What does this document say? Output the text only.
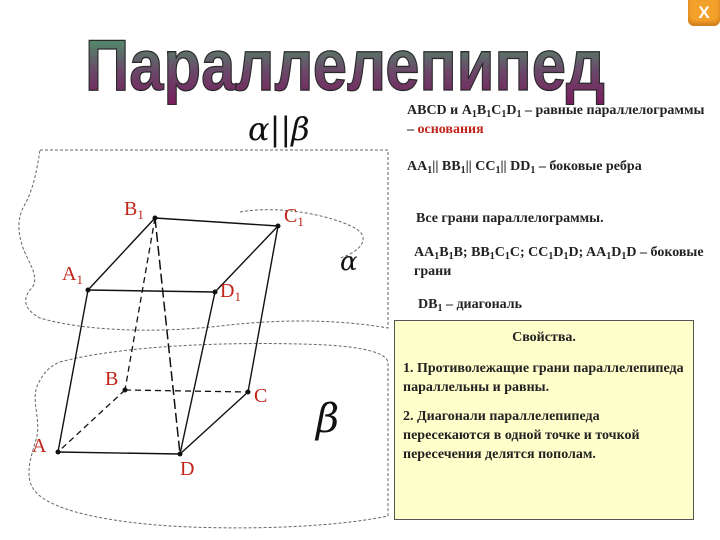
X
Параллелепипед
$B_1$	$C_1$
$A_1$
$D_1$
B
C
A
D
α
β
α||β	ABCD и $A_1B_1C_1D_1$ – равные параллелограммы – основания
$AA_1||$ $BB_1||$ $CC_1||$ $DD_1$ – боковые ребра
Все грани параллелограммы.
$AA_1B_1B$; $BB_1C_1C$; $CC_1D_1D$; $AA_1D_1D$ – боковые грани
$DB_1$ – диагональ
Свойства.

1. Противолежащие грани параллелепипеда параллельны и равны.

2. Диагонали параллелепипеда пересекаются в одной точке и точкой пересечения делятся пополам.
